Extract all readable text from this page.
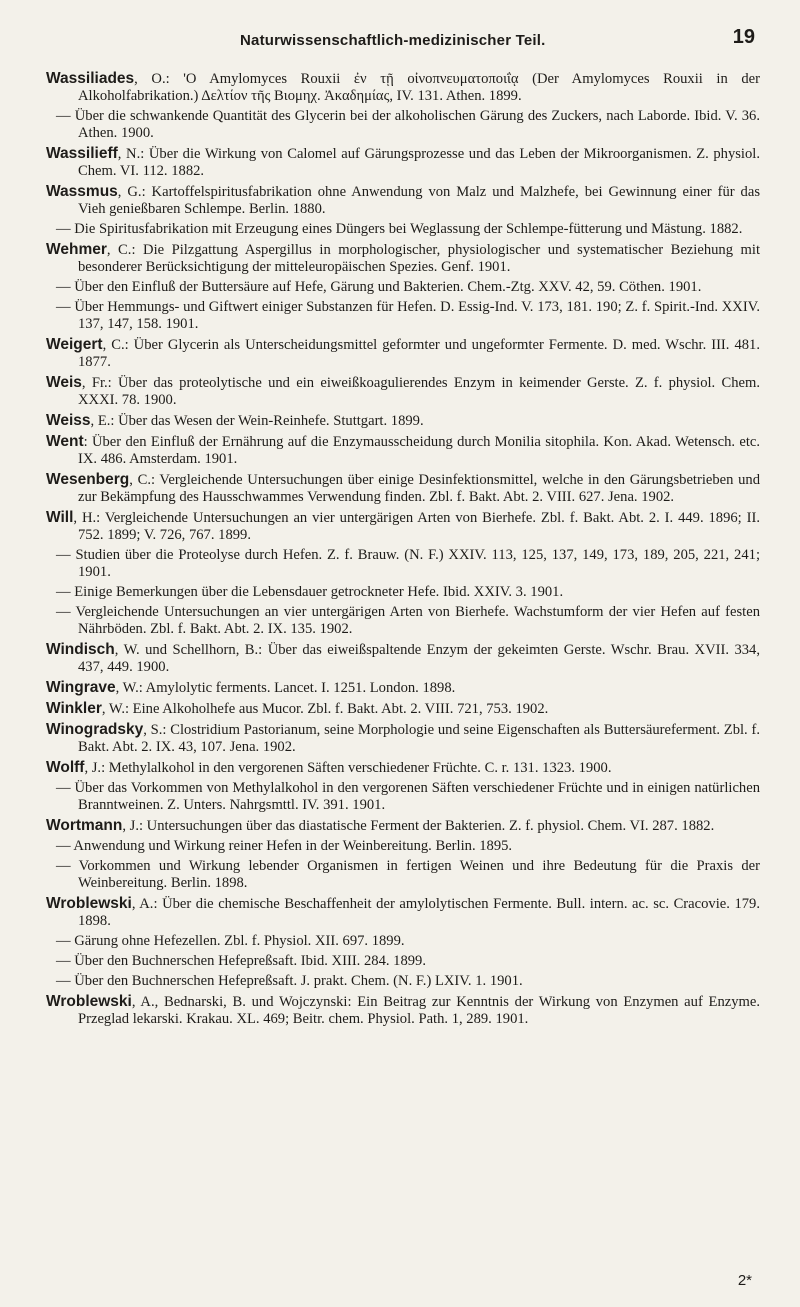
Naturwissenschaftlich-medizinischer Teil.	19

Wassiliades, O.: 'O Amylomyces Rouxii ἐν τῇ οἰνοπνευματοποιΐᾳ (Der Amylomyces Rouxii in der Alkoholfabrikation.) Δελτίον τῆς Βιομηχ. Ἀκαδημίας, IV. 131. Athen. 1899.

— Über die schwankende Quantität des Glycerin bei der alkoholischen Gärung des Zuckers, nach Laborde. Ibid. V. 36. Athen. 1900.

Wassilieff, N.: Über die Wirkung von Calomel auf Gärungsprozesse und das Leben der Mikroorganismen. Z. physiol. Chem. VI. 112. 1882.

Wassmus, G.: Kartoffelspiritusfabrikation ohne Anwendung von Malz und Malzhefe, bei Gewinnung einer für das Vieh genießbaren Schlempe. Berlin. 1880.

— Die Spiritusfabrikation mit Erzeugung eines Düngers bei Weglassung der Schlempe-fütterung und Mästung. 1882.

Wehmer, C.: Die Pilzgattung Aspergillus in morphologischer, physiologischer und systematischer Beziehung mit besonderer Berücksichtigung der mitteleuropäischen Spezies. Genf. 1901.

— Über den Einfluß der Buttersäure auf Hefe, Gärung und Bakterien. Chem.-Ztg. XXV. 42, 59. Cöthen. 1901.

— Über Hemmungs- und Giftwert einiger Substanzen für Hefen. D. Essig-Ind. V. 173, 181. 190; Z. f. Spirit.-Ind. XXIV. 137, 147, 158. 1901.

Weigert, C.: Über Glycerin als Unterscheidungsmittel geformter und ungeformter Fermente. D. med. Wschr. III. 481. 1877.

Weis, Fr.: Über das proteolytische und ein eiweißkoagulierendes Enzym in keimender Gerste. Z. f. physiol. Chem. XXXI. 78. 1900.

Weiss, E.: Über das Wesen der Wein-Reinhefe. Stuttgart. 1899.

Went: Über den Einfluß der Ernährung auf die Enzymausscheidung durch Monilia sitophila. Kon. Akad. Wetensch. etc. IX. 486. Amsterdam. 1901.

Wesenberg, C.: Vergleichende Untersuchungen über einige Desinfektionsmittel, welche in den Gärungsbetrieben und zur Bekämpfung des Hausschwammes Verwendung finden. Zbl. f. Bakt. Abt. 2. VIII. 627. Jena. 1902.

Will, H.: Vergleichende Untersuchungen an vier untergärigen Arten von Bierhefe. Zbl. f. Bakt. Abt. 2. I. 449. 1896; II. 752. 1899; V. 726, 767. 1899.

— Studien über die Proteolyse durch Hefen. Z. f. Brauw. (N. F.) XXIV. 113, 125, 137, 149, 173, 189, 205, 221, 241; 1901.

— Einige Bemerkungen über die Lebensdauer getrockneter Hefe. Ibid. XXIV. 3. 1901.

— Vergleichende Untersuchungen an vier untergärigen Arten von Bierhefe. Wachstumform der vier Hefen auf festen Nährböden. Zbl. f. Bakt. Abt. 2. IX. 135. 1902.

Windisch, W. und Schellhorn, B.: Über das eiweißspaltende Enzym der gekeimten Gerste. Wschr. Brau. XVII. 334, 437, 449. 1900.

Wingrave, W.: Amylolytic ferments. Lancet. I. 1251. London. 1898.

Winkler, W.: Eine Alkoholhefe aus Mucor. Zbl. f. Bakt. Abt. 2. VIII. 721, 753. 1902.

Winogradsky, S.: Clostridium Pastorianum, seine Morphologie und seine Eigenschaften als Buttersäureferment. Zbl. f. Bakt. Abt. 2. IX. 43, 107. Jena. 1902.

Wolff, J.: Methylalkohol in den vergorenen Säften verschiedener Früchte. C. r. 131. 1323. 1900.

— Über das Vorkommen von Methylalkohol in den vergorenen Säften verschiedener Früchte und in einigen natürlichen Branntweinen. Z. Unters. Nahrgsmttl. IV. 391. 1901.

Wortmann, J.: Untersuchungen über das diastatische Ferment der Bakterien. Z. f. physiol. Chem. VI. 287. 1882.

— Anwendung und Wirkung reiner Hefen in der Weinbereitung. Berlin. 1895.

— Vorkommen und Wirkung lebender Organismen in fertigen Weinen und ihre Bedeutung für die Praxis der Weinbereitung. Berlin. 1898.

Wroblewski, A.: Über die chemische Beschaffenheit der amylolytischen Fermente. Bull. intern. ac. sc. Cracovie. 179. 1898.

— Gärung ohne Hefezellen. Zbl. f. Physiol. XII. 697. 1899.

— Über den Buchnerschen Hefepreßsaft. Ibid. XIII. 284. 1899.

— Über den Buchnerschen Hefepreßsaft. J. prakt. Chem. (N. F.) LXIV. 1. 1901.

Wroblewski, A., Bednarski, B. und Wojczynski: Ein Beitrag zur Kenntnis der Wirkung von Enzymen auf Enzyme. Przeglad lekarski. Krakau. XL. 469; Beitr. chem. Physiol. Path. 1, 289. 1901.

2*
